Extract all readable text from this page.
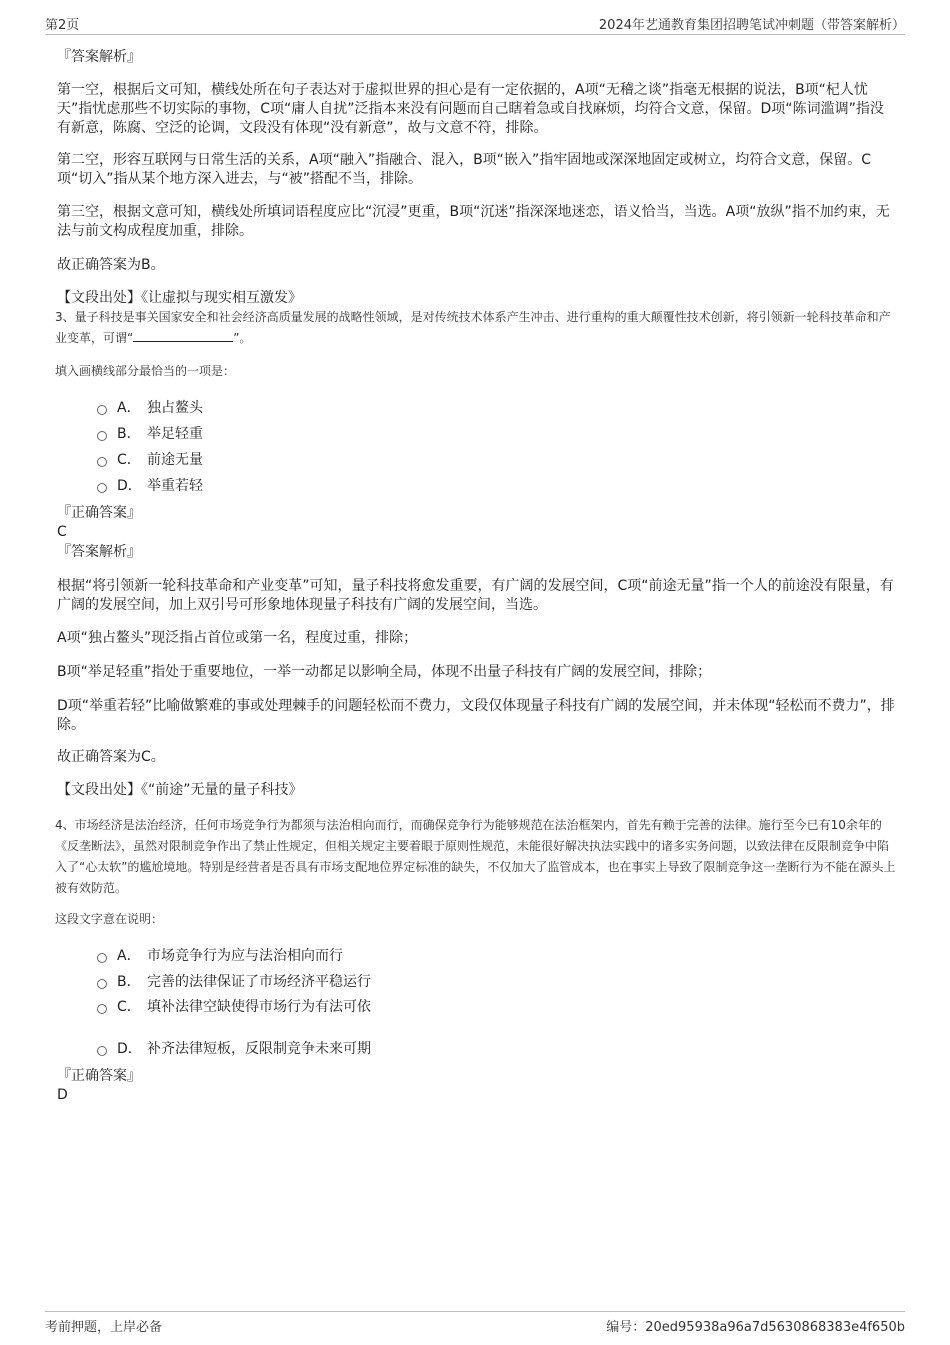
第2页	2024年艺通教育集团招聘笔试冲刺题（带答案解析）

『答案解析』

第一空，根据后文可知，横线处所在句子表达对于虚拟世界的担心是有一定依据的，A项“无稽之谈”指毫无根据的说法，B项“杞人忧天”指忧虑那些不切实际的事物，C项“庸人自扰”泛指本来没有问题而自己瞎着急或自找麻烦，均符合文意，保留。D项“陈词滥调”指没有新意，陈腐、空泛的论调，文段没有体现“没有新意”，故与文意不符，排除。

第二空，形容互联网与日常生活的关系，A项“融入”指融合、混入，B项“嵌入”指牢固地或深深地固定或树立，均符合文意，保留。C项“切入”指从某个地方深入进去，与“被”搭配不当，排除。

第三空，根据文意可知，横线处所填词语程度应比“沉浸”更重，B项“沉迷”指深深地迷恋，语义恰当，当选。A项“放纵”指不加约束，无法与前文构成程度加重，排除。

故正确答案为B。

【文段出处】《让虚拟与现实相互激发》

3、量子科技是事关国家安全和社会经济高质量发展的战略性领域，是对传统技术体系产生冲击、进行重构的重大颠覆性技术创新，将引领新一轮科技革命和产业变革，可谓“	”。

填入画横线部分最恰当的一项是：

A． 独占鳌头
B． 举足轻重
C． 前途无量
D． 举重若轻

『正确答案』

C

『答案解析』

根据“将引领新一轮科技革命和产业变革”可知，量子科技将愈发重要，有广阔的发展空间，C项“前途无量”指一个人的前途没有限量，有广阔的发展空间，加上双引号可形象地体现量子科技有广阔的发展空间，当选。

A项“独占鳌头”现泛指占首位或第一名，程度过重，排除；

B项“举足轻重”指处于重要地位，一举一动都足以影响全局，体现不出量子科技有广阔的发展空间，排除；

D项“举重若轻”比喻做繁难的事或处理棘手的问题轻松而不费力，文段仅体现量子科技有广阔的发展空间，并未体现“轻松而不费力”，排除。

故正确答案为C。

【文段出处】《“前途”无量的量子科技》

4、市场经济是法治经济，任何市场竞争行为都须与法治相向而行，而确保竞争行为能够规范在法治框架内，首先有赖于完善的法律。施行至今已有10余年的《反垄断法》，虽然对限制竞争作出了禁止性规定，但相关规定主要着眼于原则性规范，未能很好解决执法实践中的诸多实务问题，以致法律在反限制竞争中陷入了“心太软”的尴尬境地。特别是经营者是否具有市场支配地位界定标准的缺失，不仅加大了监管成本，也在事实上导致了限制竞争这一垄断行为不能在源头上被有效防范。

这段文字意在说明：

A． 市场竞争行为应与法治相向而行
B． 完善的法律保证了市场经济平稳运行
C． 填补法律空缺使得市场行为有法可依
D． 补齐法律短板，反限制竞争未来可期

『正确答案』

D

考前押题，上岸必备	编号：20ed95938a96a7d5630868383e4f650b
